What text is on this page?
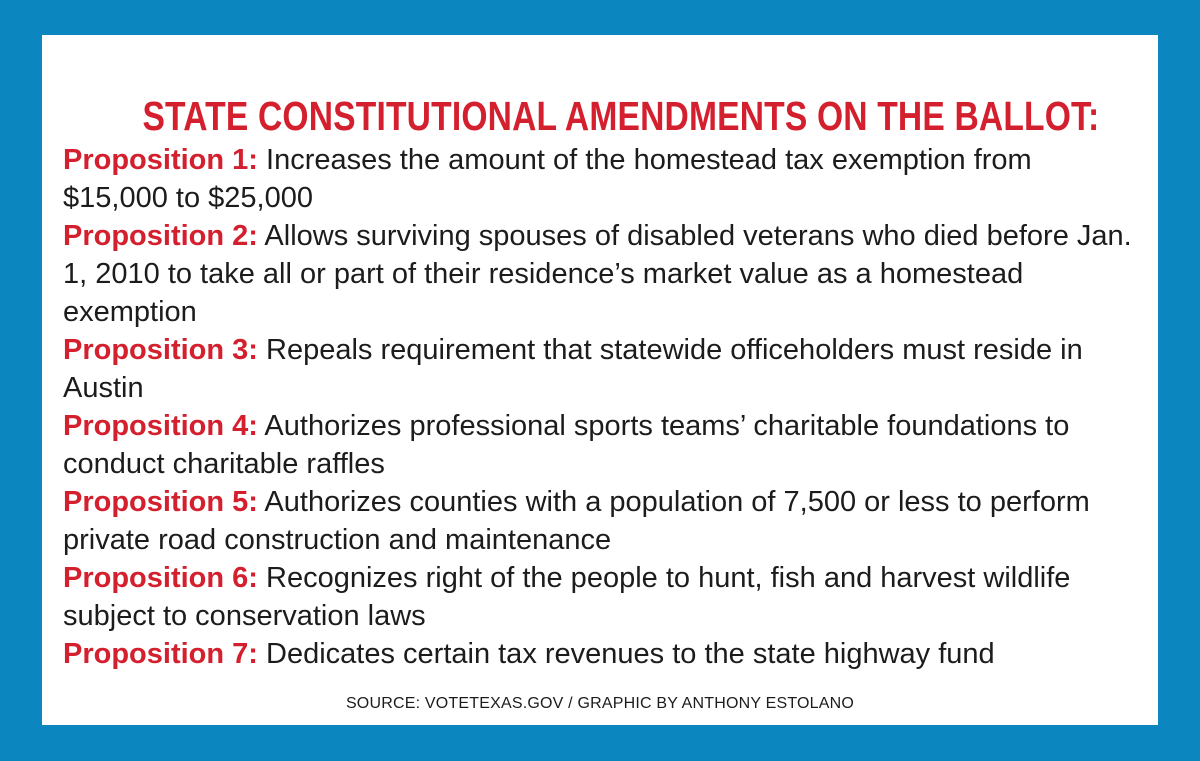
STATE CONSTITUTIONAL AMENDMENTS ON THE BALLOT:
Proposition 1: Increases the amount of the homestead tax exemption from $15,000 to $25,000
Proposition 2: Allows surviving spouses of disabled veterans who died before Jan. 1, 2010 to take all or part of their residence’s market value as a homestead exemption
Proposition 3: Repeals requirement that statewide officeholders must reside in Austin
Proposition 4: Authorizes professional sports teams’ charitable foundations to conduct charitable raffles
Proposition 5: Authorizes counties with a population of 7,500 or less to perform private road construction and maintenance
Proposition 6: Recognizes right of the people to hunt, fish and harvest wildlife subject to conservation laws
Proposition 7: Dedicates certain tax revenues to the state highway fund
SOURCE: VOTETEXAS.GOV / GRAPHIC BY ANTHONY ESTOLANO
